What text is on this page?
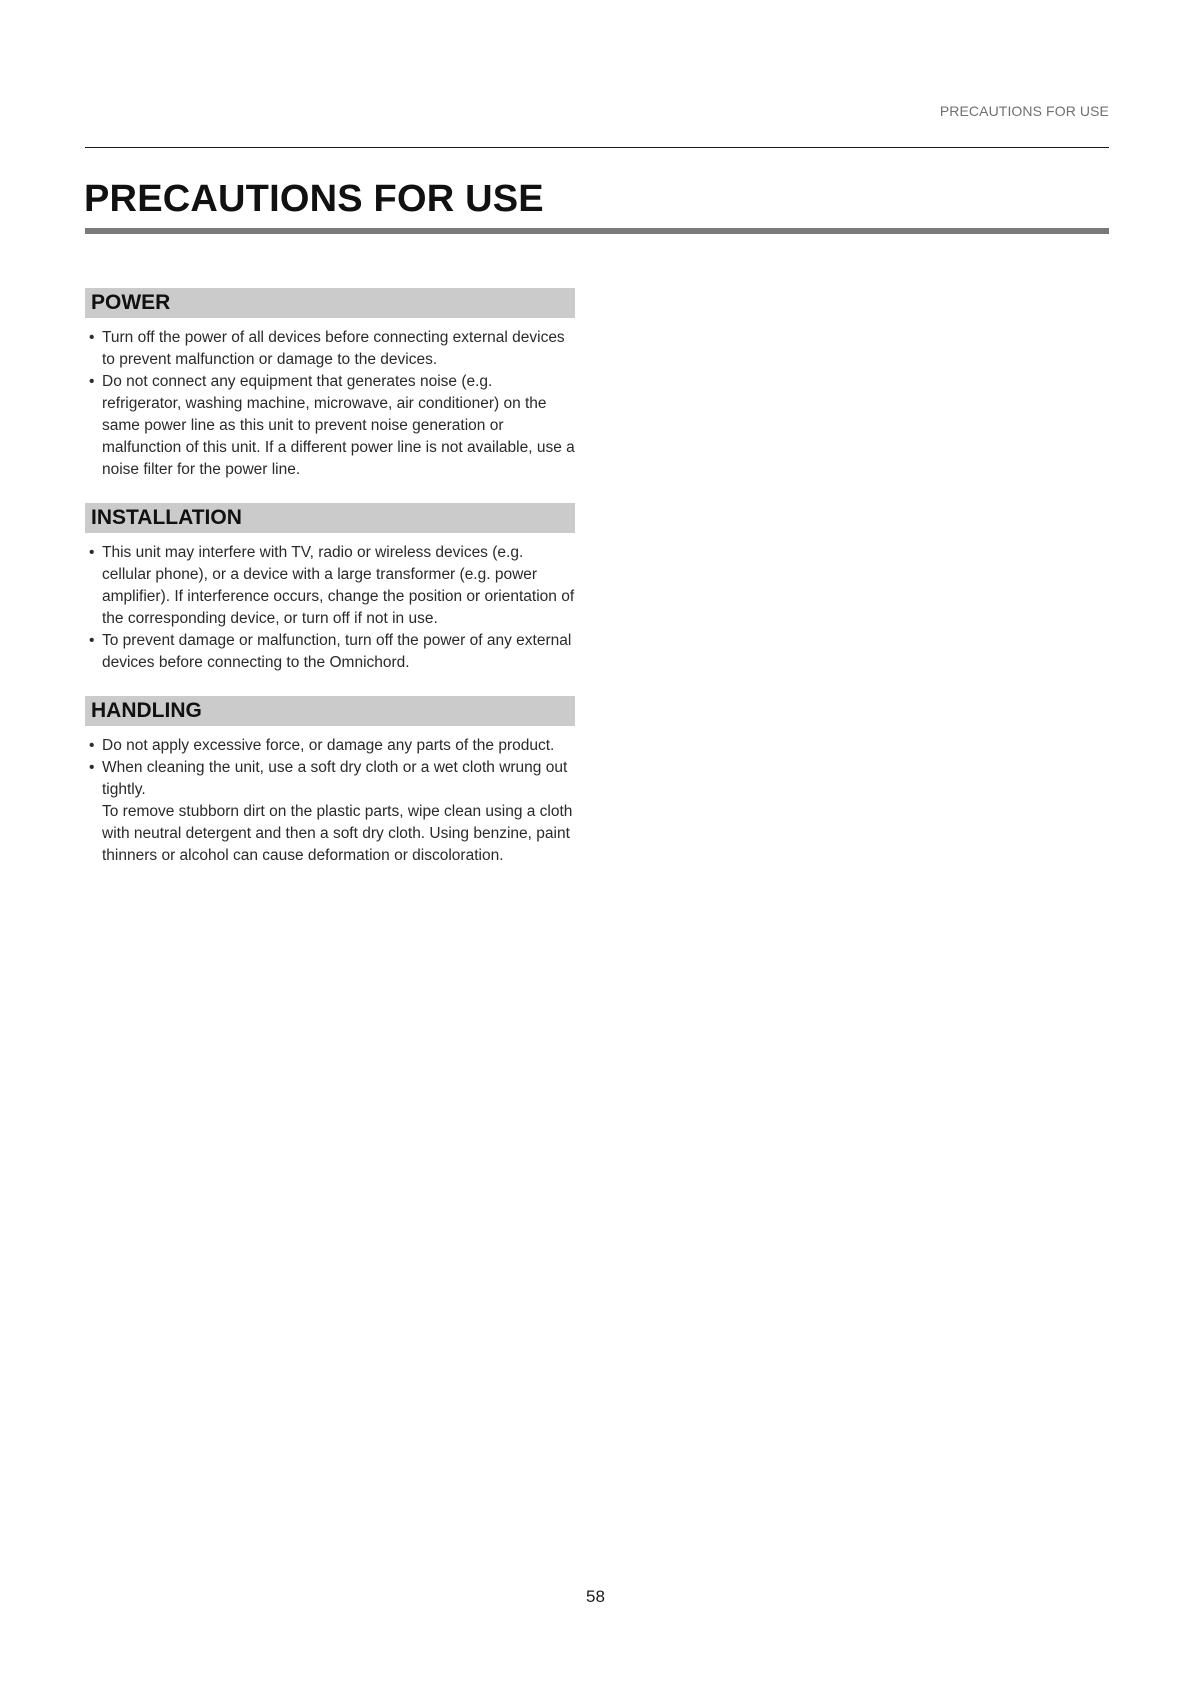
PRECAUTIONS FOR USE
PRECAUTIONS FOR USE
POWER
• Turn off the power of all devices before connecting external devices to prevent malfunction or damage to the devices.
• Do not connect any equipment that generates noise (e.g. refrigerator, washing machine, microwave, air conditioner) on the same power line as this unit to prevent noise generation or malfunction of this unit. If a different power line is not available, use a noise filter for the power line.
INSTALLATION
• This unit may interfere with TV, radio or wireless devices (e.g. cellular phone), or a device with a large transformer (e.g. power amplifier). If interference occurs, change the position or orientation of the corresponding device, or turn off if not in use.
• To prevent damage or malfunction, turn off the power of any external devices before connecting to the Omnichord.
HANDLING
• Do not apply excessive force, or damage any parts of the product.
• When cleaning the unit, use a soft dry cloth or a wet cloth wrung out tightly.
To remove stubborn dirt on the plastic parts, wipe clean using a cloth with neutral detergent and then a soft dry cloth. Using benzine, paint thinners or alcohol can cause deformation or discoloration.
58
